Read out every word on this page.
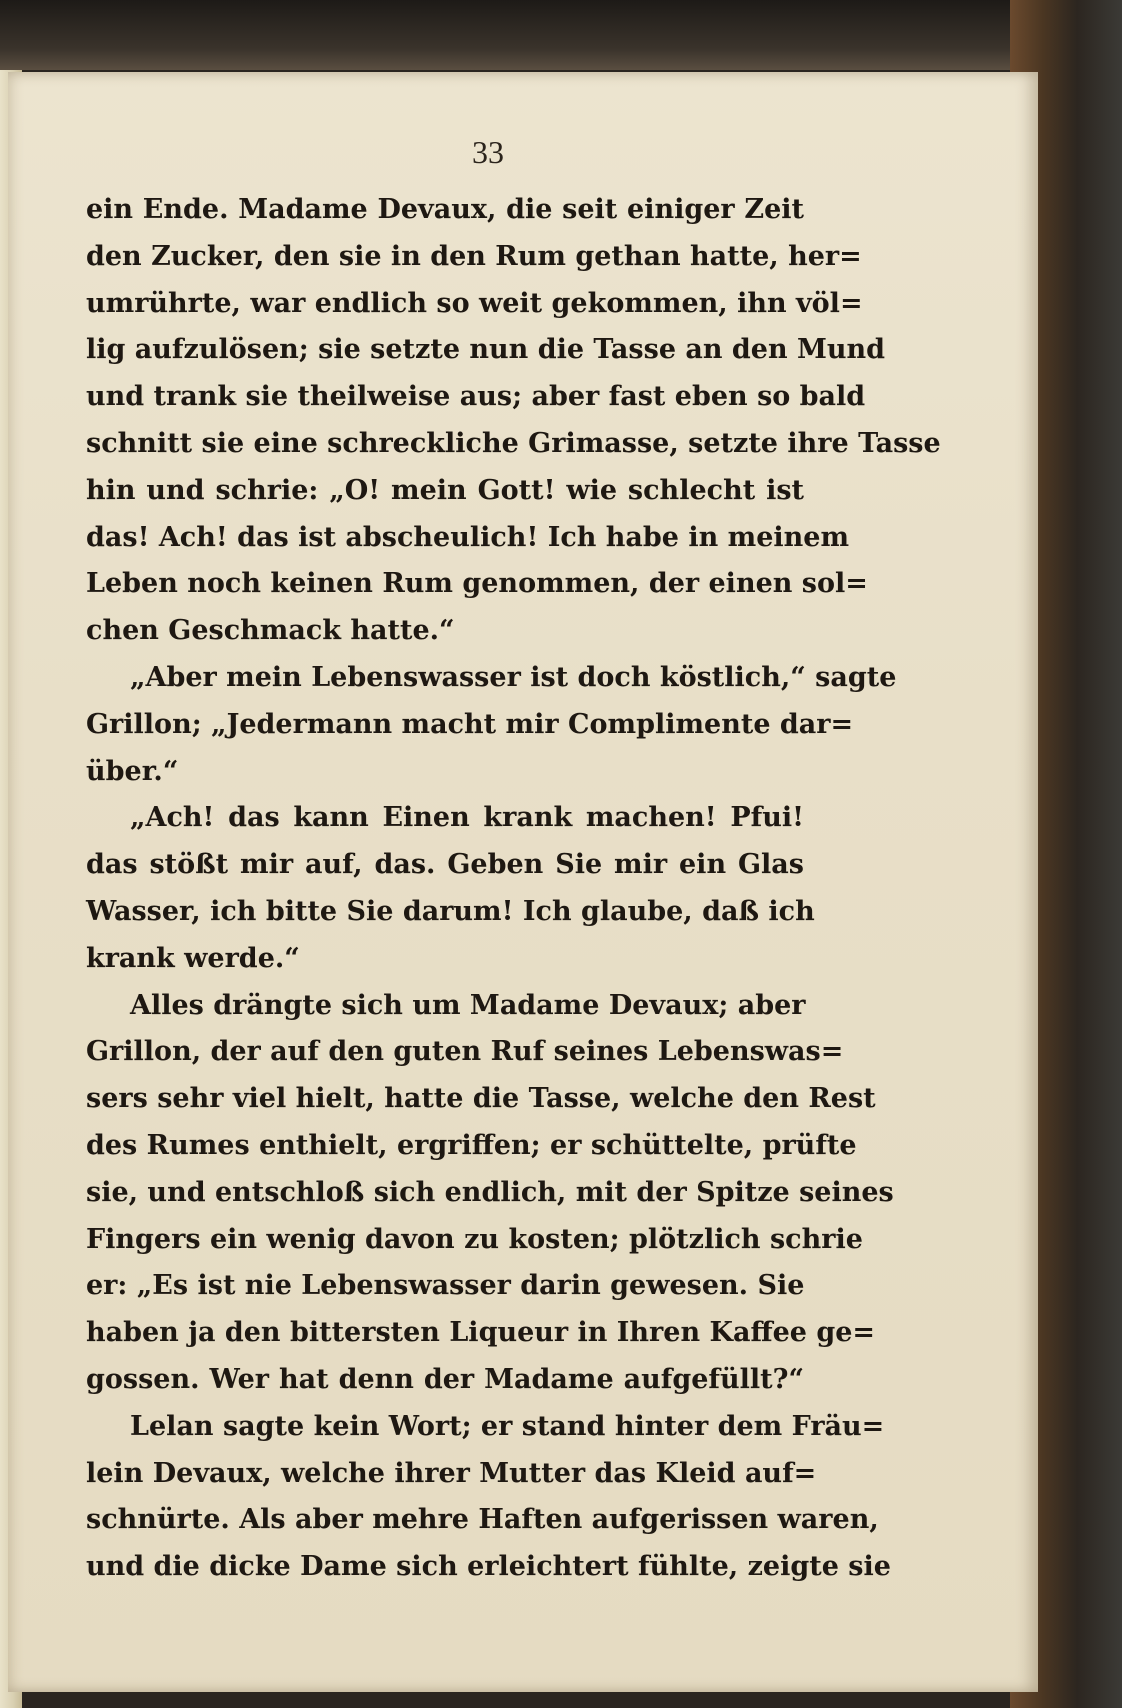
33
ein Ende. Madame Devaux, die seit einiger Zeit
den Zucker, den sie in den Rum gethan hatte, her=
umrührte, war endlich so weit gekommen, ihn völ=
lig aufzulösen; sie setzte nun die Tasse an den Mund
und trank sie theilweise aus; aber fast eben so bald
schnitt sie eine schreckliche Grimasse, setzte ihre Tasse
hin und schrie: „O! mein Gott! wie schlecht ist
das! Ach! das ist abscheulich! Ich habe in meinem
Leben noch keinen Rum genommen, der einen sol=
chen Geschmack hatte.“
„Aber mein Lebenswasser ist doch köstlich,“ sagte
Grillon; „Jedermann macht mir Complimente dar=
über.“
„Ach! das kann Einen krank machen! Pfui!
das stößt mir auf, das. Geben Sie mir ein Glas
Wasser, ich bitte Sie darum! Ich glaube, daß ich
krank werde.“
Alles drängte sich um Madame Devaux; aber
Grillon, der auf den guten Ruf seines Lebenswas=
sers sehr viel hielt, hatte die Tasse, welche den Rest
des Rumes enthielt, ergriffen; er schüttelte, prüfte
sie, und entschloß sich endlich, mit der Spitze seines
Fingers ein wenig davon zu kosten; plötzlich schrie
er: „Es ist nie Lebenswasser darin gewesen. Sie
haben ja den bittersten Liqueur in Ihren Kaffee ge=
gossen. Wer hat denn der Madame aufgefüllt?“
Lelan sagte kein Wort; er stand hinter dem Fräu=
lein Devaux, welche ihrer Mutter das Kleid auf=
schnürte. Als aber mehre Haften aufgerissen waren,
und die dicke Dame sich erleichtert fühlte, zeigte sie
